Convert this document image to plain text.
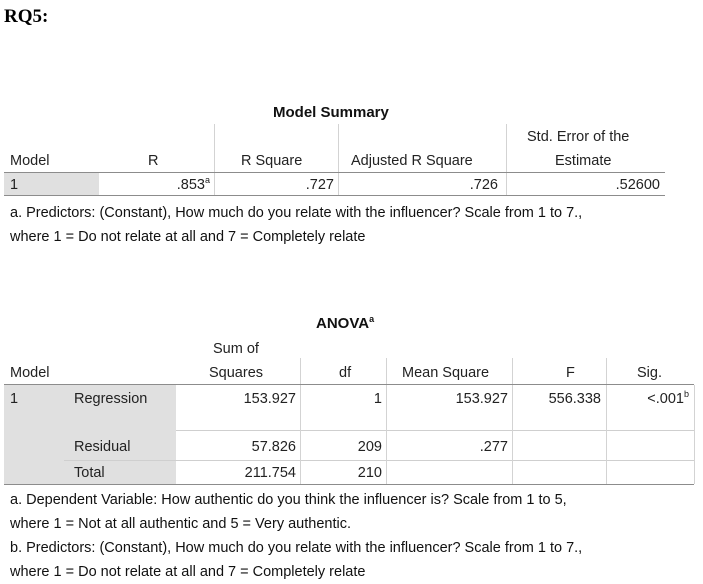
RQ5:
Model Summary
Model	R	R Square	Adjusted R Square
Std. Error of the
Estimate
1	.853$^a$	.727	.726	.52600
a. Predictors: (Constant), How much do you relate with the influencer? Scale from 1 to 7.,
where 1 = Do not relate at all and 7 = Completely relate
ANOVA$^a$
Model
Sum of
Squares	df	Mean Square	F	Sig.
1	Regression	153.927	1	153.927	556.338	<.001$^b$
Residual	57.826	209	.277
Total	211.754	210
a. Dependent Variable: How authentic do you think the influencer is? Scale from 1 to 5,
where 1 = Not at all authentic and 5 = Very authentic.
b. Predictors: (Constant), How much do you relate with the influencer? Scale from 1 to 7.,
where 1 = Do not relate at all and 7 = Completely relate
